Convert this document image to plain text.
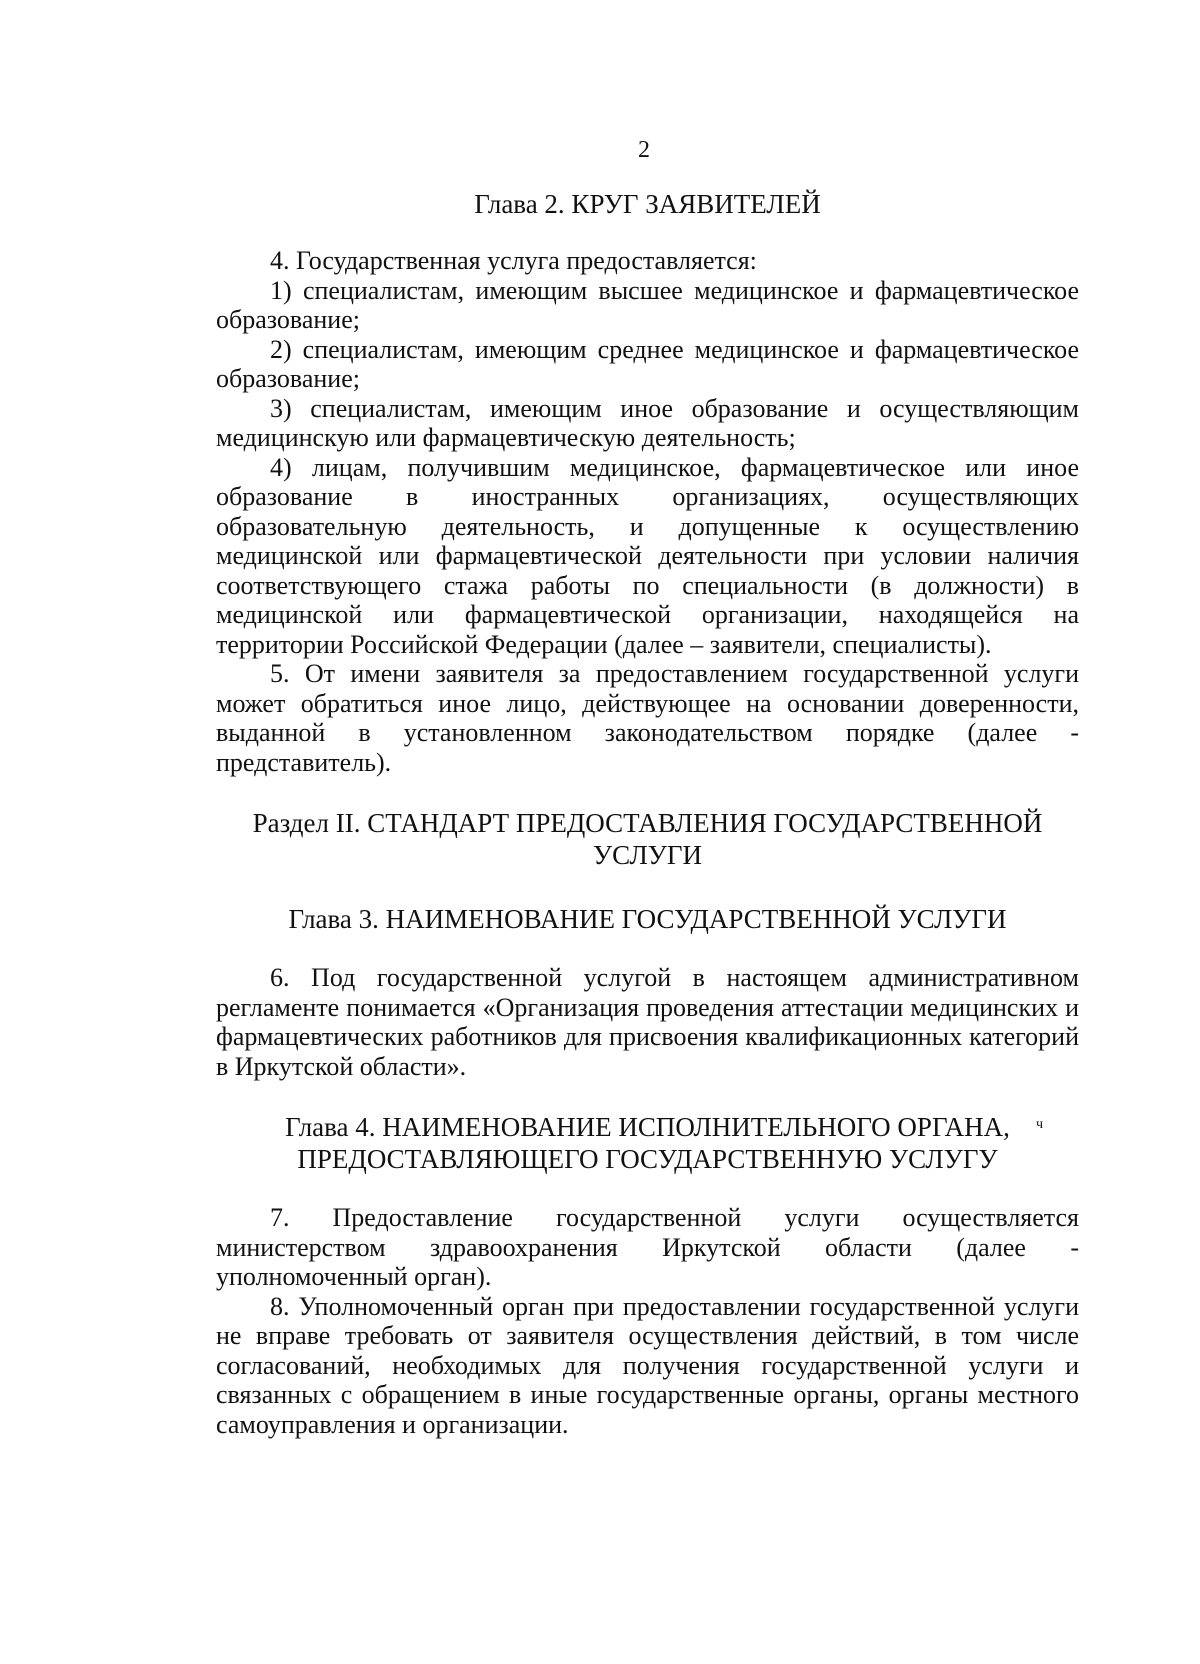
2
Глава 2. КРУГ ЗАЯВИТЕЛЕЙ

4. Государственная услуга предоставляется:

1) специалистам, имеющим высшее медицинское и фармацевтическое образование;

2) специалистам, имеющим среднее медицинское и фармацевтическое образование;

3) специалистам, имеющим иное образование и осуществляющим медицинскую или фармацевтическую деятельность;

4) лицам, получившим медицинское, фармацевтическое или иное образование в иностранных организациях, осуществляющих образовательную деятельность, и допущенные к осуществлению медицинской или фармацевтической деятельности при условии наличия соответствующего стажа работы по специальности (в должности) в медицинской или фармацевтической организации, находящейся на территории Российской Федерации (далее – заявители, специалисты).

5. От имени заявителя за предоставлением государственной услуги может обратиться иное лицо, действующее на основании доверенности, выданной в установленном законодательством порядке (далее - представитель).

Раздел II. СТАНДАРТ ПРЕДОСТАВЛЕНИЯ ГОСУДАРСТВЕННОЙ
УСЛУГИ
Глава 3. НАИМЕНОВАНИЕ ГОСУДАРСТВЕННОЙ УСЛУГИ

6. Под государственной услугой в настоящем административном регламенте понимается «Организация проведения аттестации медицинских и фармацевтических работников для присвоения квалификационных категорий в Иркутской области».

Глава 4. НАИМЕНОВАНИЕ ИСПОЛНИТЕЛЬНОГО ОРГАНА,
ПРЕДОСТАВЛЯЮЩЕГО ГОСУДАРСТВЕННУЮ УСЛУГУ

7. Предоставление государственной услуги осуществляется министерством здравоохранения Иркутской области (далее - уполномоченный орган).

8. Уполномоченный орган при предоставлении государственной услуги не вправе требовать от заявителя осуществления действий, в том числе согласований, необходимых для получения государственной услуги и связанных с обращением в иные государственные органы, органы местного самоуправления и организации.

ч
